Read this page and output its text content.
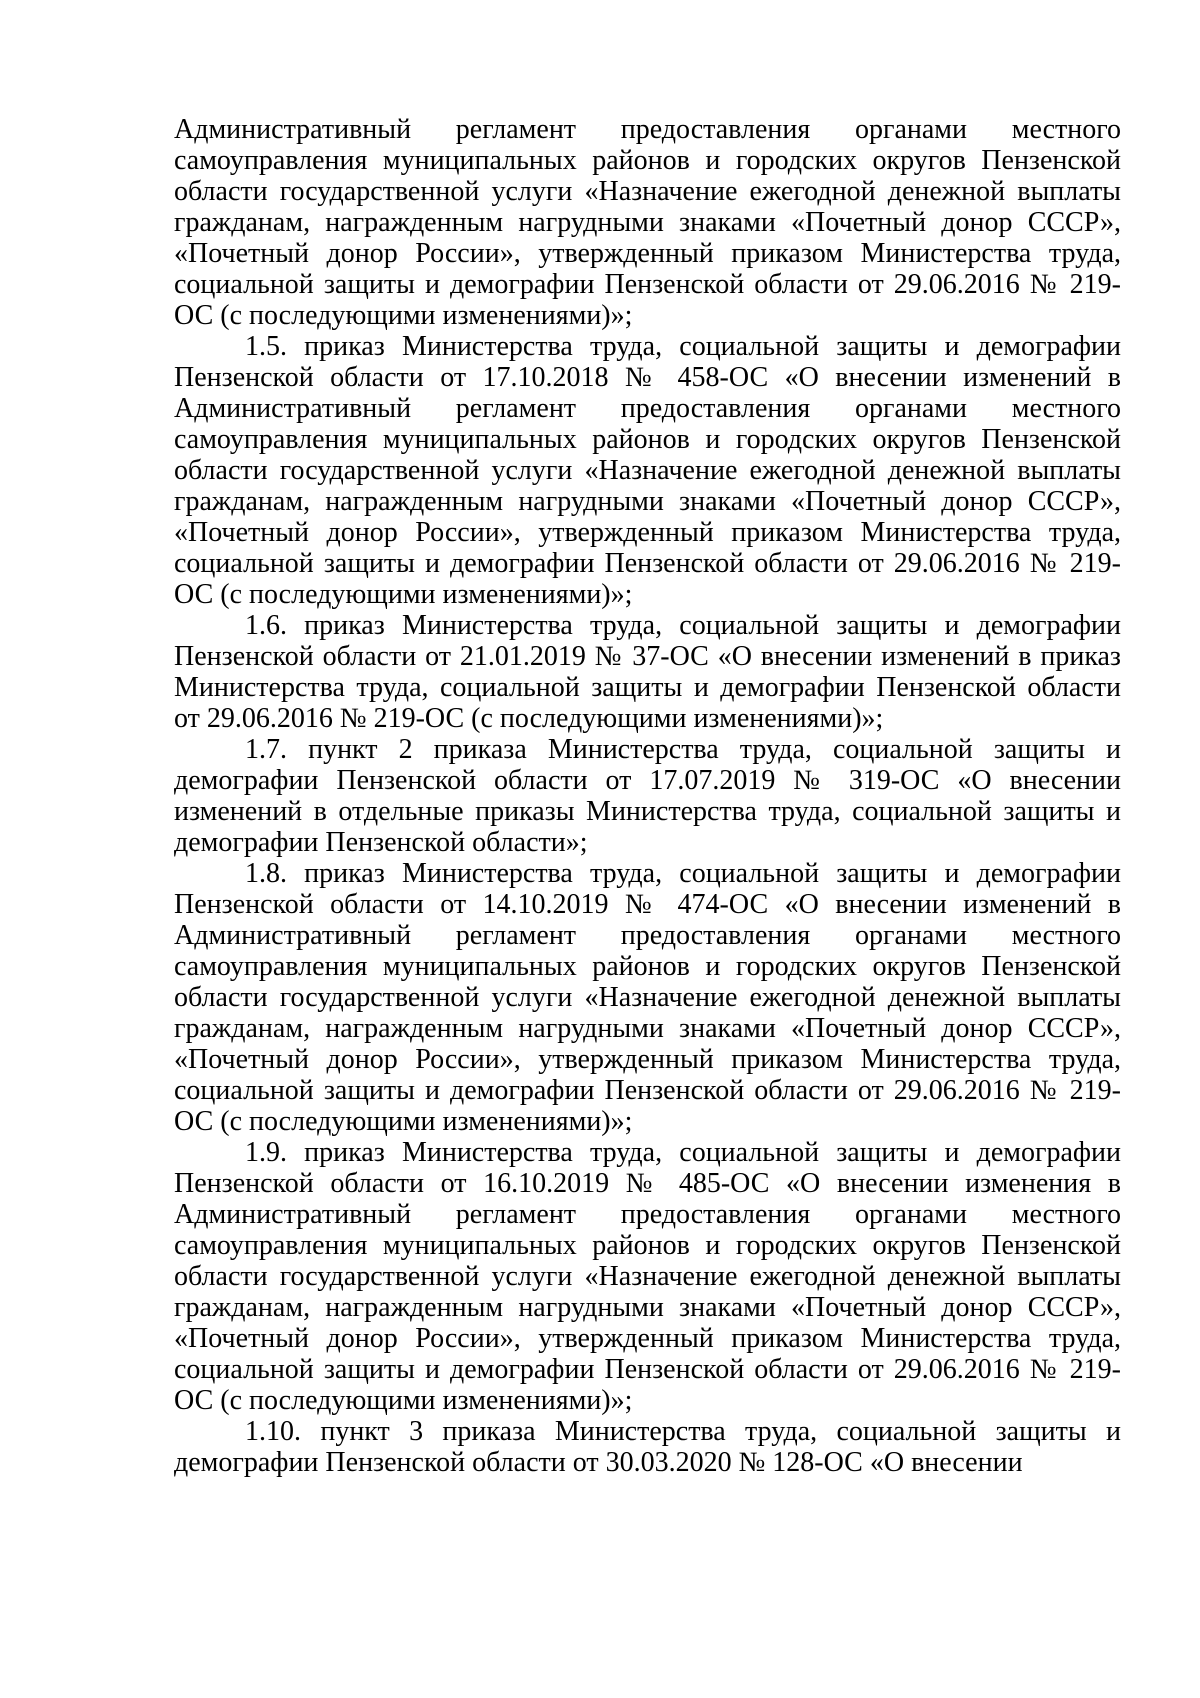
Административный регламент предоставления органами местного самоуправления муниципальных районов и городских округов Пензенской области государственной услуги «Назначение ежегодной денежной выплаты гражданам, награжденным нагрудными знаками «Почетный донор СССР», «Почетный донор России», утвержденный приказом Министерства труда, социальной защиты и демографии Пензенской области от 29.06.2016 № 219-ОС (с последующими изменениями)»;

1.5. приказ Министерства труда, социальной защиты и демографии Пензенской области от 17.10.2018 № 458-ОС «О внесении изменений в Административный регламент предоставления органами местного самоуправления муниципальных районов и городских округов Пензенской области государственной услуги «Назначение ежегодной денежной выплаты гражданам, награжденным нагрудными знаками «Почетный донор СССР», «Почетный донор России», утвержденный приказом Министерства труда, социальной защиты и демографии Пензенской области от 29.06.2016 № 219-ОС (с последующими изменениями)»;

1.6. приказ Министерства труда, социальной защиты и демографии Пензенской области от 21.01.2019 № 37-ОС «О внесении изменений в приказ Министерства труда, социальной защиты и демографии Пензенской области от 29.06.2016 № 219-ОС (с последующими изменениями)»;

1.7. пункт 2 приказа Министерства труда, социальной защиты и демографии Пензенской области от 17.07.2019 № 319-ОС «О внесении изменений в отдельные приказы Министерства труда, социальной защиты и демографии Пензенской области»;

1.8. приказ Министерства труда, социальной защиты и демографии Пензенской области от 14.10.2019 № 474-ОС «О внесении изменений в Административный регламент предоставления органами местного самоуправления муниципальных районов и городских округов Пензенской области государственной услуги «Назначение ежегодной денежной выплаты гражданам, награжденным нагрудными знаками «Почетный донор СССР», «Почетный донор России», утвержденный приказом Министерства труда, социальной защиты и демографии Пензенской области от 29.06.2016 № 219-ОС (с последующими изменениями)»;

1.9. приказ Министерства труда, социальной защиты и демографии Пензенской области от 16.10.2019 № 485-ОС «О внесении изменения в Административный регламент предоставления органами местного самоуправления муниципальных районов и городских округов Пензенской области государственной услуги «Назначение ежегодной денежной выплаты гражданам, награжденным нагрудными знаками «Почетный донор СССР», «Почетный донор России», утвержденный приказом Министерства труда, социальной защиты и демографии Пензенской области от 29.06.2016 № 219-ОС (с последующими изменениями)»;

1.10. пункт 3 приказа Министерства труда, социальной защиты и демографии Пензенской области от 30.03.2020 № 128-ОС «О внесении
